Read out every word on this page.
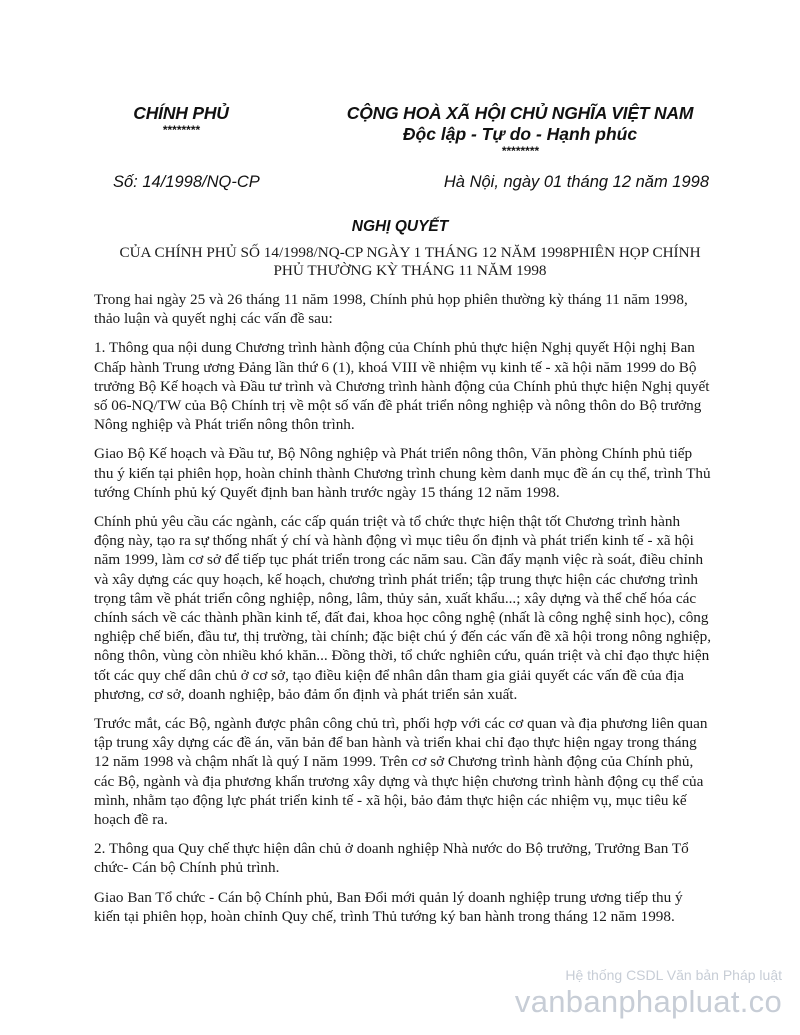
CHÍNH PHỦ
********
CỘNG HOÀ XÃ HỘI CHỦ NGHĨA VIỆT NAM
Độc lập - Tự do - Hạnh phúc
********
Số: 14/1998/NQ-CP	Hà Nội, ngày 01 tháng 12 năm 1998
NGHỊ QUYẾT
CỦA CHÍNH PHỦ SỐ 14/1998/NQ-CP NGÀY 1 THÁNG 12 NĂM 1998PHIÊN HỌP CHÍNH PHỦ THƯỜNG KỲ THÁNG 11 NĂM 1998

Trong hai ngày 25 và 26 tháng 11 năm 1998, Chính phủ họp phiên thường kỳ tháng 11 năm 1998, thảo luận và quyết nghị các vấn đề sau:

1. Thông qua nội dung Chương trình hành động của Chính phủ thực hiện Nghị quyết Hội nghị Ban Chấp hành Trung ương Đảng lần thứ 6 (1), khoá VIII về nhiệm vụ kinh tế - xã hội năm 1999 do Bộ trưởng Bộ Kế hoạch và Đầu tư trình và Chương trình hành động của Chính phủ thực hiện Nghị quyết số 06-NQ/TW của Bộ Chính trị về một số vấn đề phát triển nông nghiệp và nông thôn do Bộ trưởng Nông nghiệp và Phát triển nông thôn trình.

Giao Bộ Kế hoạch và Đầu tư, Bộ Nông nghiệp và Phát triển nông thôn, Văn phòng Chính phủ tiếp thu ý kiến tại phiên họp, hoàn chỉnh thành Chương trình chung kèm danh mục đề án cụ thể, trình Thủ tướng Chính phủ ký Quyết định ban hành trước ngày 15 tháng 12 năm 1998.

Chính phủ yêu cầu các ngành, các cấp quán triệt và tổ chức thực hiện thật tốt Chương trình hành động này, tạo ra sự thống nhất ý chí và hành động vì mục tiêu ổn định và phát triển kinh tế - xã hội năm 1999, làm cơ sở để tiếp tục phát triển trong các năm sau. Cần đẩy mạnh việc rà soát, điều chỉnh và xây dựng các quy hoạch, kế hoạch, chương trình phát triển; tập trung thực hiện các chương trình trọng tâm về phát triển công nghiệp, nông, lâm, thủy sản, xuất khẩu...; xây dựng và thể chế hóa các chính sách về các thành phần kinh tế, đất đai, khoa học công nghệ (nhất là công nghệ sinh học), công nghiệp chế biến, đầu tư, thị trường, tài chính; đặc biệt chú ý đến các vấn đề xã hội trong nông nghiệp, nông thôn, vùng còn nhiều khó khăn... Đồng thời, tổ chức nghiên cứu, quán triệt và chỉ đạo thực hiện tốt các quy chế dân chủ ở cơ sở, tạo điều kiện để nhân dân tham gia giải quyết các vấn đề của địa phương, cơ sở, doanh nghiệp, bảo đảm ổn định và phát triển sản xuất.

Trước mắt, các Bộ, ngành được phân công chủ trì, phối hợp với các cơ quan và địa phương liên quan tập trung xây dựng các đề án, văn bản để ban hành và triển khai chỉ đạo thực hiện ngay trong tháng 12 năm 1998 và chậm nhất là quý I năm 1999. Trên cơ sở Chương trình hành động của Chính phủ, các Bộ, ngành và địa phương khẩn trương xây dựng và thực hiện chương trình hành động cụ thể của mình, nhằm tạo động lực phát triển kinh tế - xã hội, bảo đảm thực hiện các nhiệm vụ, mục tiêu kế hoạch đề ra.

2. Thông qua Quy chế thực hiện dân chủ ở doanh nghiệp Nhà nước do Bộ trưởng, Trưởng Ban Tổ chức- Cán bộ Chính phủ trình.

Giao Ban Tổ chức - Cán bộ Chính phủ, Ban Đổi mới quản lý doanh nghiệp trung ương tiếp thu ý kiến tại phiên họp, hoàn chỉnh Quy chế, trình Thủ tướng ký ban hành trong tháng 12 năm 1998.

Hệ thống CSDL Văn bản Pháp luật
vanbanphapluat.co
